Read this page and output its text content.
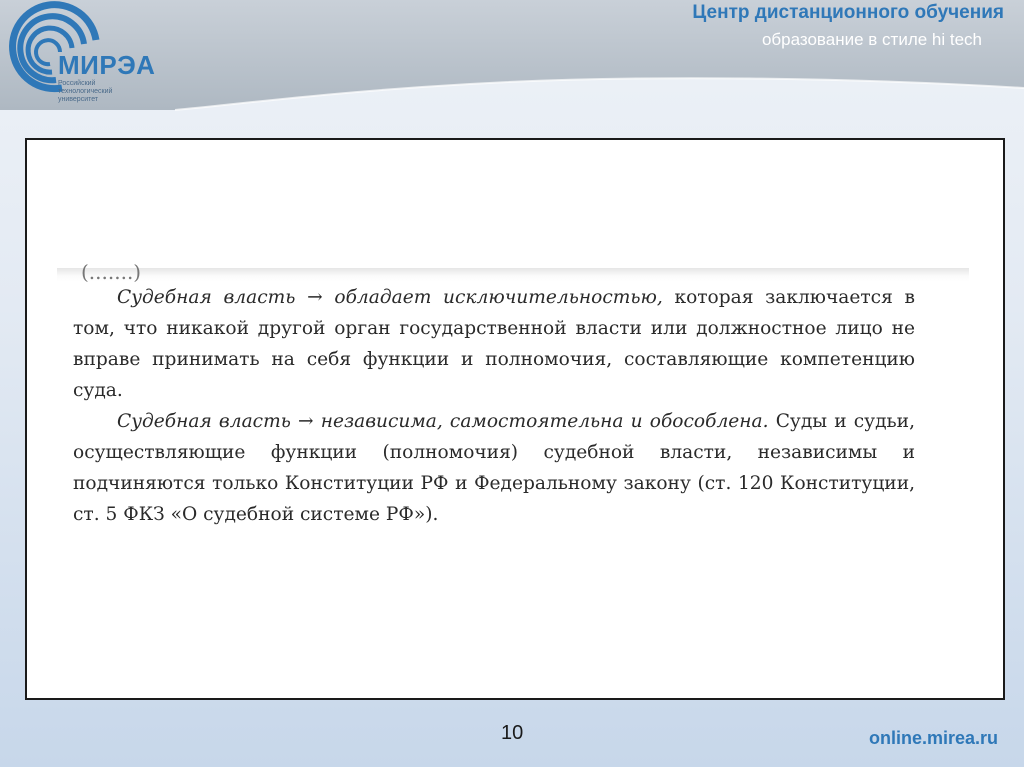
МИРЭА
Российский технологический университет
Центр дистанционного обучения
образование в стиле hi tech
(.......)

Судебная власть → обладает исключительностью, которая заключается в том, что никакой другой орган государственной власти или должностное лицо не вправе принимать на себя функции и полномочия, составляющие компетенцию суда.

Судебная власть → независима, самостоятельна и обособлена. Суды и судьи, осуществляющие функции (полномочия) судебной власти, независимы и подчиняются только Конституции РФ и Федеральному закону (ст. 120 Конституции, ст. 5 ФКЗ «О судебной системе РФ»).

10	online.mirea.ru
